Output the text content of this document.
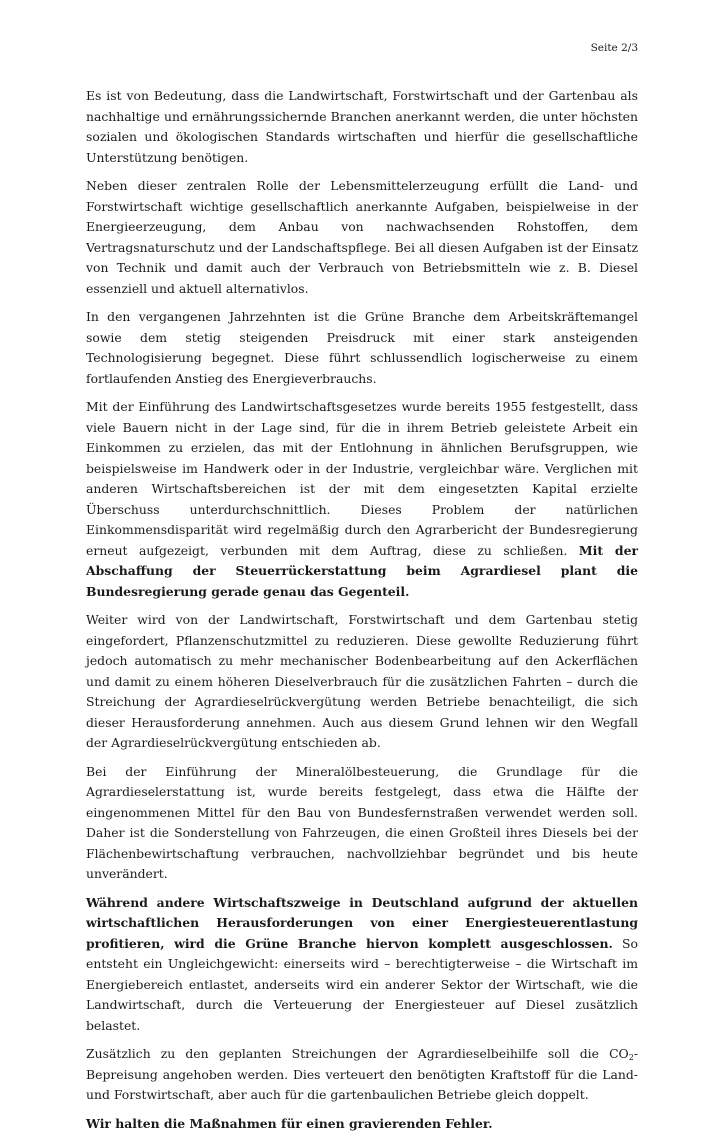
Seite 2/3

Es ist von Bedeutung, dass die Landwirtschaft, Forstwirtschaft und der Gartenbau als nachhaltige und ernährungssichernde Branchen anerkannt werden, die unter höchsten sozialen und ökologischen Standards wirtschaften und hierfür die gesellschaftliche Unterstützung benötigen.

Neben dieser zentralen Rolle der Lebensmittelerzeugung erfüllt die Land- und Forstwirtschaft wichtige gesellschaftlich anerkannte Aufgaben, beispielweise in der Energieerzeugung, dem Anbau von nachwachsenden Rohstoffen, dem Vertragsnaturschutz und der Landschaftspflege. Bei all diesen Aufgaben ist der Einsatz von Technik und damit auch der Verbrauch von Betriebsmitteln wie z. B. Diesel essenziell und aktuell alternativlos.

In den vergangenen Jahrzehnten ist die Grüne Branche dem Arbeitskräftemangel sowie dem stetig steigenden Preisdruck mit einer stark ansteigenden Technologisierung begegnet. Diese führt schlussendlich logischerweise zu einem fortlaufenden Anstieg des Energieverbrauchs.

Mit der Einführung des Landwirtschaftsgesetzes wurde bereits 1955 festgestellt, dass viele Bauern nicht in der Lage sind, für die in ihrem Betrieb geleistete Arbeit ein Einkommen zu erzielen, das mit der Entlohnung in ähnlichen Berufsgruppen, wie beispielsweise im Handwerk oder in der Industrie, vergleichbar wäre. Verglichen mit anderen Wirtschaftsbereichen ist der mit dem eingesetzten Kapital erzielte Überschuss unterdurchschnittlich. Dieses Problem der natürlichen Einkommensdisparität wird regelmäßig durch den Agrarbericht der Bundesregierung erneut aufgezeigt, verbunden mit dem Auftrag, diese zu schließen. Mit der Abschaffung der Steuerrückerstattung beim Agrardiesel plant die Bundesregierung gerade genau das Gegenteil.

Weiter wird von der Landwirtschaft, Forstwirtschaft und dem Gartenbau stetig eingefordert, Pflanzenschutzmittel zu reduzieren. Diese gewollte Reduzierung führt jedoch automatisch zu mehr mechanischer Bodenbearbeitung auf den Ackerflächen und damit zu einem höheren Dieselverbrauch für die zusätzlichen Fahrten – durch die Streichung der Agrardieselrückvergütung werden Betriebe benachteiligt, die sich dieser Herausforderung annehmen. Auch aus diesem Grund lehnen wir den Wegfall der Agrardieselrückvergütung entschieden ab.

Bei der Einführung der Mineralölbesteuerung, die Grundlage für die Agrardieselerstattung ist, wurde bereits festgelegt, dass etwa die Hälfte der eingenommenen Mittel für den Bau von Bundesfernstraßen verwendet werden soll. Daher ist die Sonderstellung von Fahrzeugen, die einen Großteil ihres Diesels bei der Flächenbewirtschaftung verbrauchen, nachvollziehbar begründet und bis heute unverändert.

Während andere Wirtschaftszweige in Deutschland aufgrund der aktuellen wirtschaftlichen Herausforderungen von einer Energiesteuerentlastung profitieren, wird die Grüne Branche hiervon komplett ausgeschlossen. So entsteht ein Ungleichgewicht: einerseits wird – berechtigterweise – die Wirtschaft im Energiebereich entlastet, anderseits wird ein anderer Sektor der Wirtschaft, wie die Landwirtschaft, durch die Verteuerung der Energiesteuer auf Diesel zusätzlich belastet.

Zusätzlich zu den geplanten Streichungen der Agrardieselbeihilfe soll die $CO_2$-Bepreisung angehoben werden. Dies verteuert den benötigten Kraftstoff für die Land- und Forstwirtschaft, aber auch für die gartenbaulichen Betriebe gleich doppelt.

Wir halten die Maßnahmen für einen gravierenden Fehler.
